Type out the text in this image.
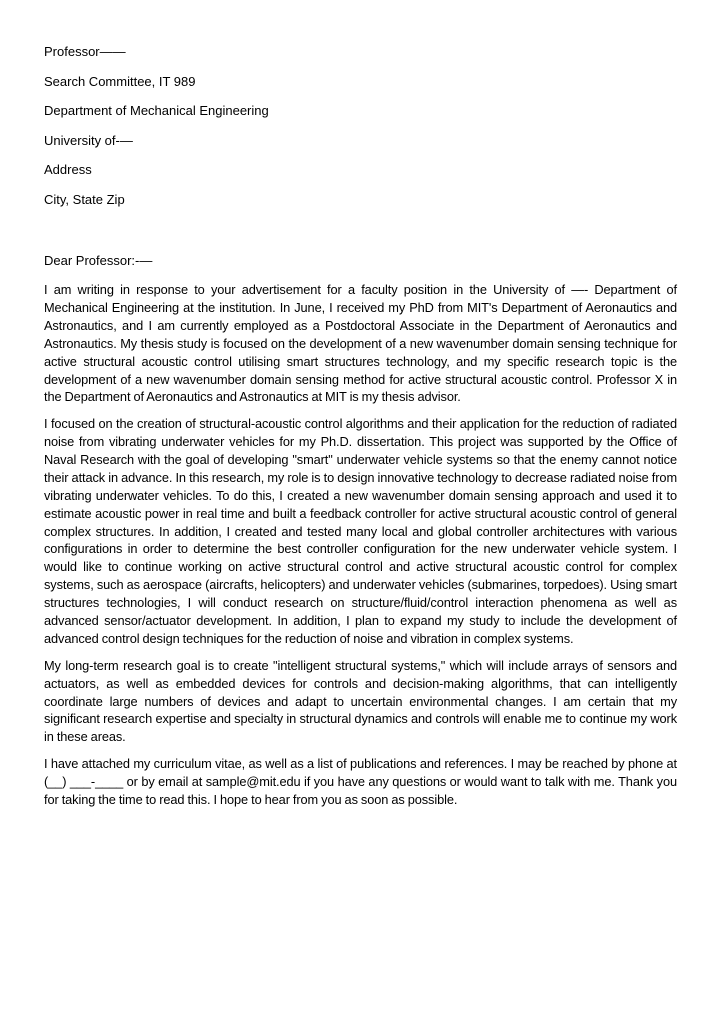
Professor——
Search Committee, IT 989
Department of Mechanical Engineering
University of-—
Address
City, State Zip
Dear Professor:-—

I am writing in response to your advertisement for a faculty position in the University of —- Department of Mechanical Engineering at the institution. In June, I received my PhD from MIT's Department of Aeronautics and Astronautics, and I am currently employed as a Postdoctoral Associate in the Department of Aeronautics and Astronautics. My thesis study is focused on the development of a new wavenumber domain sensing technique for active structural acoustic control utilising smart structures technology, and my specific research topic is the development of a new wavenumber domain sensing method for active structural acoustic control. Professor X in the Department of Aeronautics and Astronautics at MIT is my thesis advisor.

I focused on the creation of structural-acoustic control algorithms and their application for the reduction of radiated noise from vibrating underwater vehicles for my Ph.D. dissertation. This project was supported by the Office of Naval Research with the goal of developing "smart" underwater vehicle systems so that the enemy cannot notice their attack in advance. In this research, my role is to design innovative technology to decrease radiated noise from vibrating underwater vehicles. To do this, I created a new wavenumber domain sensing approach and used it to estimate acoustic power in real time and built a feedback controller for active structural acoustic control of general complex structures. In addition, I created and tested many local and global controller architectures with various configurations in order to determine the best controller configuration for the new underwater vehicle system. I would like to continue working on active structural control and active structural acoustic control for complex systems, such as aerospace (aircrafts, helicopters) and underwater vehicles (submarines, torpedoes). Using smart structures technologies, I will conduct research on structure/fluid/control interaction phenomena as well as advanced sensor/actuator development. In addition, I plan to expand my study to include the development of advanced control design techniques for the reduction of noise and vibration in complex systems.

My long-term research goal is to create "intelligent structural systems," which will include arrays of sensors and actuators, as well as embedded devices for controls and decision-making algorithms, that can intelligently coordinate large numbers of devices and adapt to uncertain environmental changes. I am certain that my significant research expertise and specialty in structural dynamics and controls will enable me to continue my work in these areas.

I have attached my curriculum vitae, as well as a list of publications and references. I may be reached by phone at (__) ___-____ or by email at sample@mit.edu if you have any questions or would want to talk with me. Thank you for taking the time to read this. I hope to hear from you as soon as possible.
